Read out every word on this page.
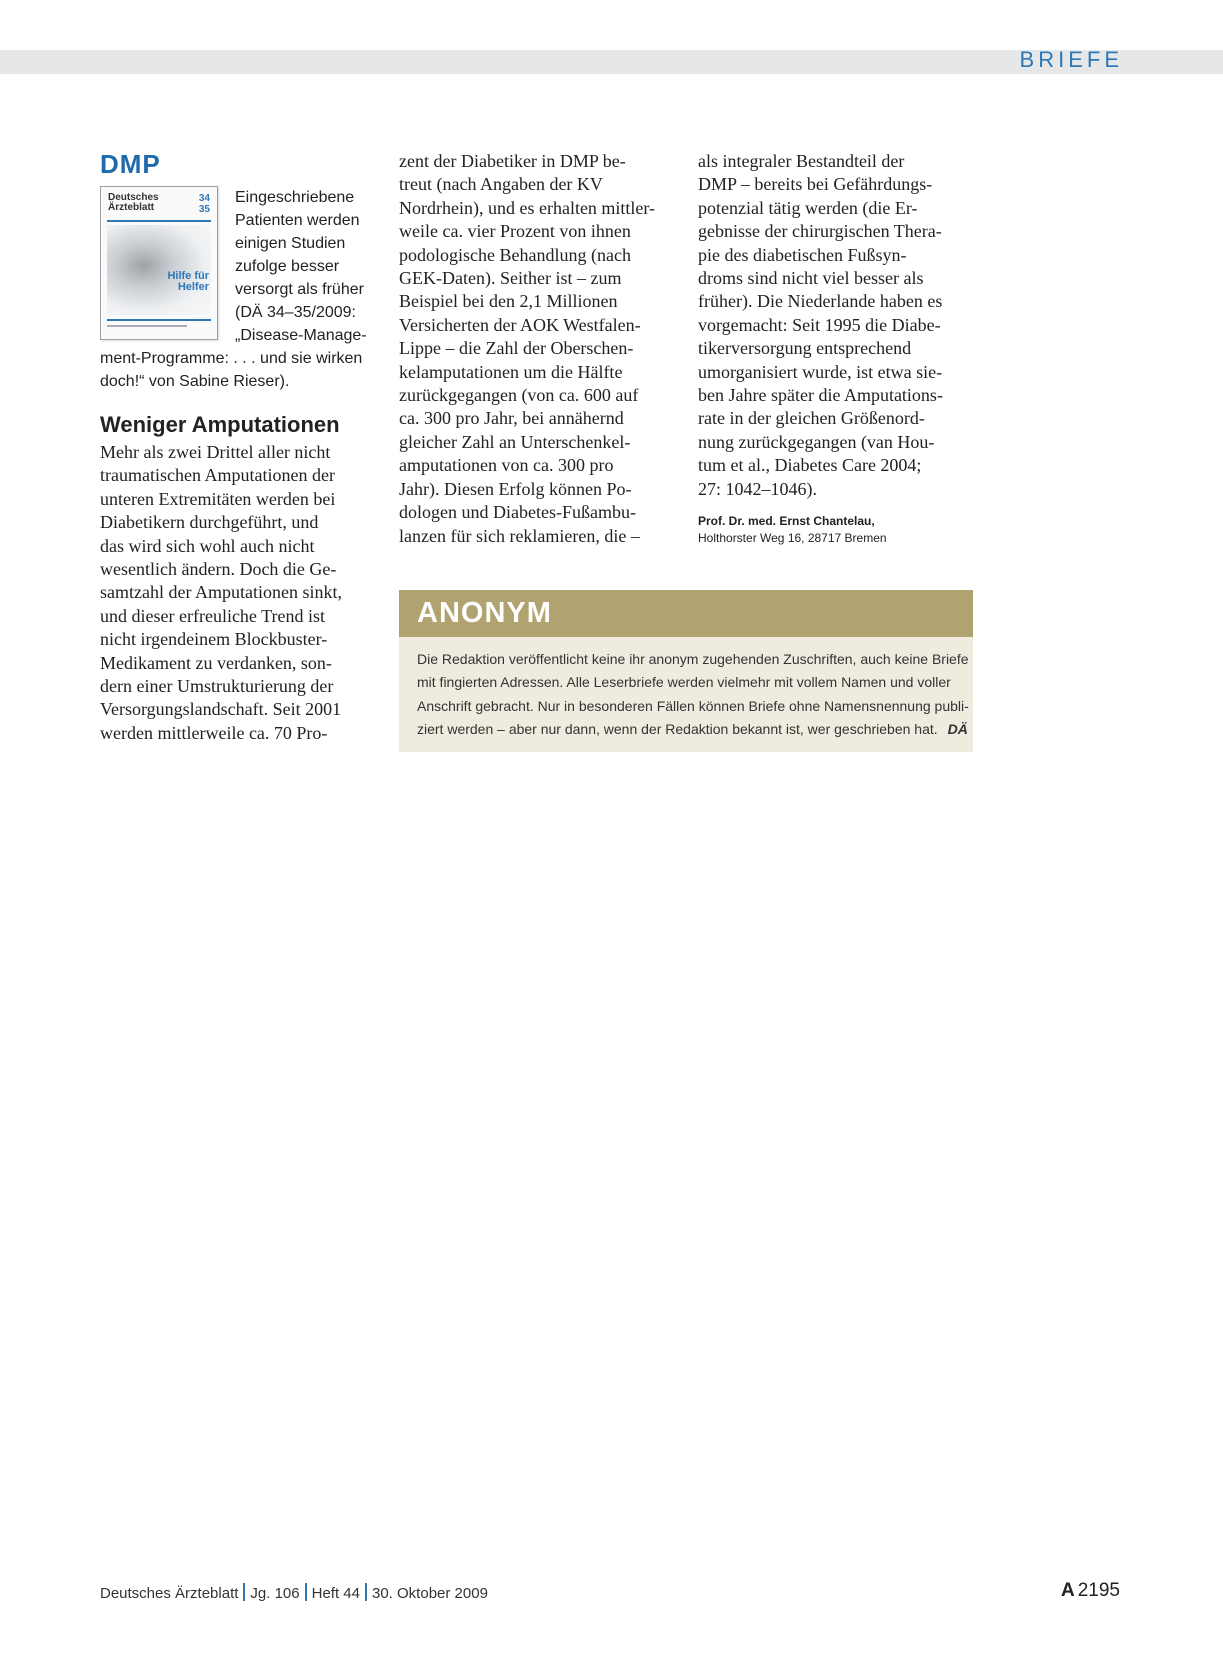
BRIEFE
DMP
Deutsches
Ärzteblatt
34
35
Hilfe für
Helfer

Eingeschriebene
Patienten werden
einigen Studien
zufolge besser
versorgt als früher
(DÄ 34–35/2009:
„Disease-Manage-
ment-Programme: . . . und sie wirken
doch!“ von Sabine Rieser).

Weniger Amputationen

Mehr als zwei Drittel aller nicht
traumatischen Amputationen der
unteren Extremitäten werden bei
Diabetikern durchgeführt, und
das wird sich wohl auch nicht
wesentlich ändern. Doch die Ge-
samtzahl der Amputationen sinkt,
und dieser erfreuliche Trend ist
nicht irgendeinem Blockbuster-
Medikament zu verdanken, son-
dern einer Umstrukturierung der
Versorgungslandschaft. Seit 2001
werden mittlerweile ca. 70 Pro-

zent der Diabetiker in DMP be-
treut (nach Angaben der KV
Nordrhein), und es erhalten mittler-
weile ca. vier Prozent von ihnen
podologische Behandlung (nach
GEK-Daten). Seither ist – zum
Beispiel bei den 2,1 Millionen
Versicherten der AOK Westfalen-
Lippe – die Zahl der Oberschen-
kelamputationen um die Hälfte
zurückgegangen (von ca. 600 auf
ca. 300 pro Jahr, bei annähernd
gleicher Zahl an Unterschenkel-
amputationen von ca. 300 pro
Jahr). Diesen Erfolg können Po-
dologen und Diabetes-Fußambu-
lanzen für sich reklamieren, die –

als integraler Bestandteil der
DMP – bereits bei Gefährdungs-
potenzial tätig werden (die Er-
gebnisse der chirurgischen Thera-
pie des diabetischen Fußsyn-
droms sind nicht viel besser als
früher). Die Niederlande haben es
vorgemacht: Seit 1995 die Diabe-
tikerversorgung entsprechend
umorganisiert wurde, ist etwa sie-
ben Jahre später die Amputations-
rate in der gleichen Größenord-
nung zurückgegangen (van Hou-
tum et al., Diabetes Care 2004;
27: 1042–1046).

Prof. Dr. med. Ernst Chantelau,
Holthorster Weg 16, 28717 Bremen
ANONYM
Die Redaktion veröffentlicht keine ihr anonym zugehenden Zuschriften, auch keine Briefe
mit fingierten Adressen. Alle Leserbriefe werden vielmehr mit vollem Namen und voller
Anschrift gebracht. Nur in besonderen Fällen können Briefe ohne Namensnennung publi-
ziert werden – aber nur dann, wenn der Redaktion bekannt ist, wer geschrieben hat. DÄ
Deutsches Ärzteblatt Jg. 106 Heft 44 30. Oktober 2009	A 2195
